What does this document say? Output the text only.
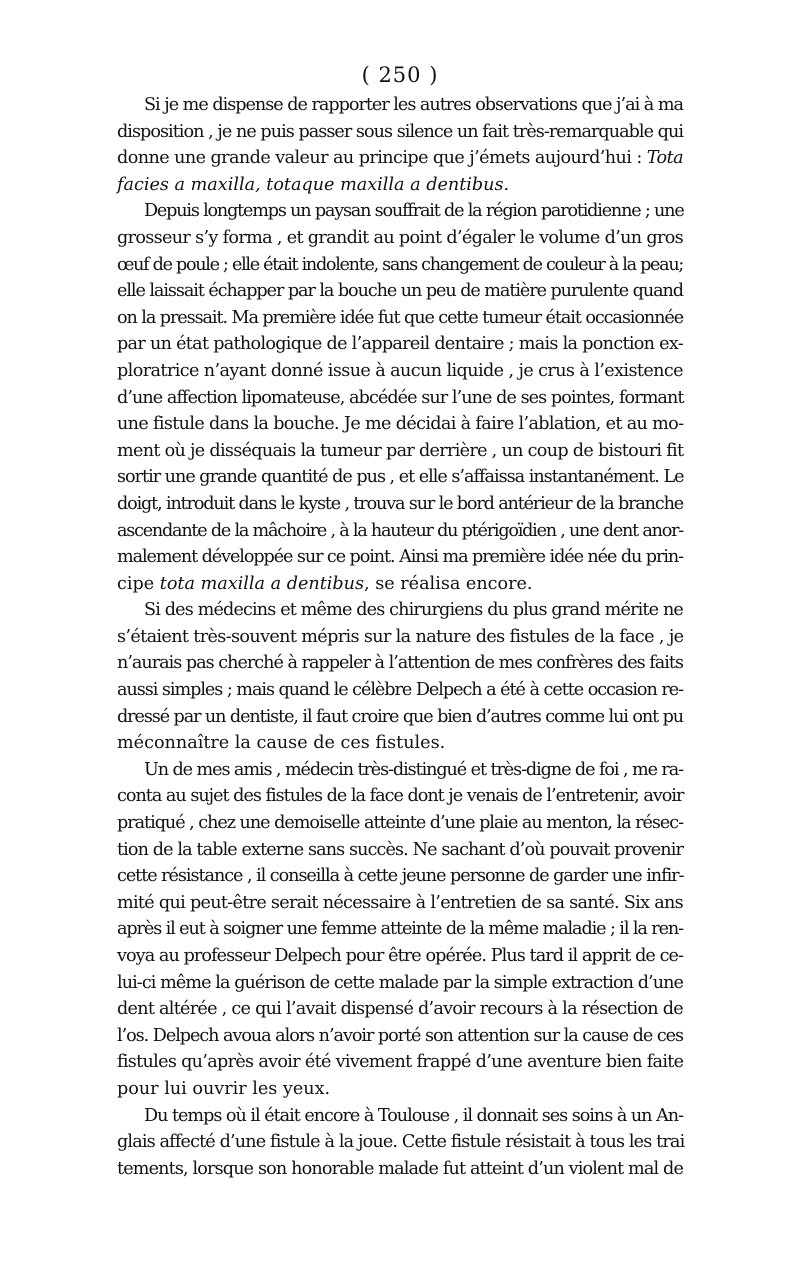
( 250 )

Si je me dispense de rapporter les autres observations que j’ai à ma
disposition , je ne puis passer sous silence un fait très-remarquable qui
donne une grande valeur au principe que j’émets aujourd’hui : Tota
facies a maxilla, totaque maxilla a dentibus.

Depuis longtemps un paysan souffrait de la région parotidienne ; une
grosseur s’y forma , et grandit au point d’égaler le volume d’un gros
œuf de poule ; elle était indolente, sans changement de couleur à la peau;
elle laissait échapper par la bouche un peu de matière purulente quand
on la pressait. Ma première idée fut que cette tumeur était occasionnée
par un état pathologique de l’appareil dentaire ; mais la ponction ex-
ploratrice n’ayant donné issue à aucun liquide , je crus à l’existence
d’une affection lipomateuse, abcédée sur l’une de ses pointes, formant
une fistule dans la bouche. Je me décidai à faire l’ablation, et au mo-
ment où je disséquais la tumeur par derrière , un coup de bistouri fit
sortir une grande quantité de pus , et elle s’affaissa instantanément. Le
doigt, introduit dans le kyste , trouva sur le bord antérieur de la branche
ascendante de la mâchoire , à la hauteur du ptérigoïdien , une dent anor-
malement développée sur ce point. Ainsi ma première idée née du prin-
cipe tota maxilla a dentibus, se réalisa encore.

Si des médecins et même des chirurgiens du plus grand mérite ne
s’étaient très-souvent mépris sur la nature des fistules de la face , je
n’aurais pas cherché à rappeler à l’attention de mes confrères des faits
aussi simples ; mais quand le célèbre Delpech a été à cette occasion re-
dressé par un dentiste, il faut croire que bien d’autres comme lui ont pu
méconnaître la cause de ces fistules.

Un de mes amis , médecin très-distingué et très-digne de foi , me ra-
conta au sujet des fistules de la face dont je venais de l’entretenir, avoir
pratiqué , chez une demoiselle atteinte d’une plaie au menton, la résec-
tion de la table externe sans succès. Ne sachant d’où pouvait provenir
cette résistance , il conseilla à cette jeune personne de garder une infir-
mité qui peut-être serait nécessaire à l’entretien de sa santé. Six ans
après il eut à soigner une femme atteinte de la même maladie ; il la ren-
voya au professeur Delpech pour être opérée. Plus tard il apprit de ce-
lui-ci même la guérison de cette malade par la simple extraction d’une
dent altérée , ce qui l’avait dispensé d’avoir recours à la résection de
l’os. Delpech avoua alors n’avoir porté son attention sur la cause de ces
fistules qu’après avoir été vivement frappé d’une aventure bien faite
pour lui ouvrir les yeux.

Du temps où il était encore à Toulouse , il donnait ses soins à un An-
glais affecté d’une fistule à la joue. Cette fistule résistait à tous les trai
tements, lorsque son honorable malade fut atteint d’un violent mal de
